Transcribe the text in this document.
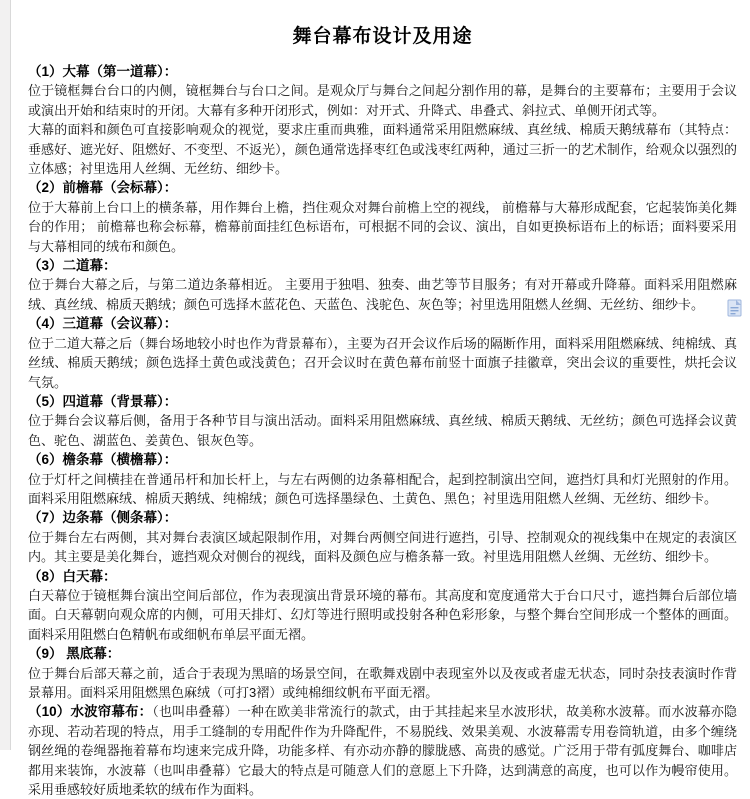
舞台幕布设计及用途

（1）大幕（第一道幕）：

位于镜框舞台台口的内侧，镜框舞台与台口之间。是观众厅与舞台之间起分割作用的幕，是舞台的主要幕布；主要用于会议或演出开始和结束时的开闭。大幕有多种开闭形式，例如：对开式、升降式、串叠式、斜拉式、单侧开闭式等。

大幕的面料和颜色可直接影响观众的视觉，要求庄重而典雅，面料通常采用阻燃麻绒、真丝绒、棉质天鹅绒幕布（其特点：垂感好、遮光好、阻燃好、不变型、不返光），颜色通常选择枣红色或浅枣红两种，通过三折一的艺术制作，给观众以强烈的立体感；衬里选用人丝绸、无丝纺、细纱卡。

（2）前檐幕（会标幕）：

位于大幕前上台口上的横条幕，用作舞台上檐，挡住观众对舞台前檐上空的视线， 前檐幕与大幕形成配套，它起装饰美化舞台的作用； 前檐幕也称会标幕，檐幕前面挂红色标语布，可根据不同的会议、演出，自如更换标语布上的标语；面料要采用与大幕相同的绒布和颜色。

（3）二道幕：

位于舞台大幕之后，与第二道边条幕相近。 主要用于独唱、独奏、曲艺等节目服务；有对开幕或升降幕。面料采用阻燃麻绒、真丝绒、棉质天鹅绒；颜色可选择木蓝花色、天蓝色、浅驼色、灰色等；衬里选用阻燃人丝绸、无丝纺、细纱卡。

（4）三道幕（会议幕）：

位于二道大幕之后（舞台场地较小时也作为背景幕布），主要为召开会议作后场的隔断作用，面料采用阻燃麻绒、纯棉绒、真丝绒、棉质天鹅绒；颜色选择土黄色或浅黄色；召开会议时在黄色幕布前竖十面旗子挂徽章，突出会议的重要性，烘托会议气氛。

（5）四道幕（背景幕）：

位于舞台会议幕后侧，备用于各种节目与演出活动。面料采用阻燃麻绒、真丝绒、棉质天鹅绒、无丝纺；颜色可选择会议黄色、驼色、湖蓝色、姜黄色、银灰色等。

（6）檐条幕（横檐幕）：

位于灯杆之间横挂在普通吊杆和加长杆上，与左右两侧的边条幕相配合，起到控制演出空间，遮挡灯具和灯光照射的作用。面料采用阻燃麻绒、棉质天鹅绒、纯棉绒；颜色可选择墨绿色、土黄色、黑色；衬里选用阻燃人丝绸、无丝纺、细纱卡。

（7）边条幕（侧条幕）：

位于舞台左右两侧，其对舞台表演区域起限制作用，对舞台两侧空间进行遮挡，引导、控制观众的视线集中在规定的表演区内。其主要是美化舞台，遮挡观众对侧台的视线，面料及颜色应与檐条幕一致。衬里选用阻燃人丝绸、无丝纺、细纱卡。

（8）白天幕：

白天幕位于镜框舞台演出空间后部位，作为表现演出背景环境的幕布。其高度和宽度通常大于台口尺寸，遮挡舞台后部位墙面。白天幕朝向观众席的内侧，可用天排灯、幻灯等进行照明或投射各种色彩形象，与整个舞台空间形成一个整体的画面。面料采用阻燃白色精帆布或细帆布单层平面无褶。

（9） 黑底幕：

位于舞台后部天幕之前，适合于表现为黑暗的场景空间，在歌舞戏剧中表现室外以及夜或者虚无状态，同时杂技表演时作背景幕用。面料采用阻燃黑色麻绒（可打3褶）或纯棉细纹帆布平面无褶。

（10）水波帘幕布：（也叫串叠幕）一种在欧美非常流行的款式，由于其挂起来呈水波形状，故美称水波幕。而水波幕亦隐亦现、若动若现的特点，用手工缝制的专用配件作为升降配件，不易脱线、效果美观、水波幕需专用卷筒轨道，由多个缠绕钢丝绳的卷绳器拖着幕布均速来完成升降，功能多样、有亦动亦静的朦胧感、高贵的感觉。广泛用于带有弧度舞台、咖啡店都用来装饰，水波幕（也叫串叠幕）它最大的特点是可随意人们的意愿上下升降，达到满意的高度，也可以作为幔帘使用。采用垂感较好质地柔软的绒布作为面料。
